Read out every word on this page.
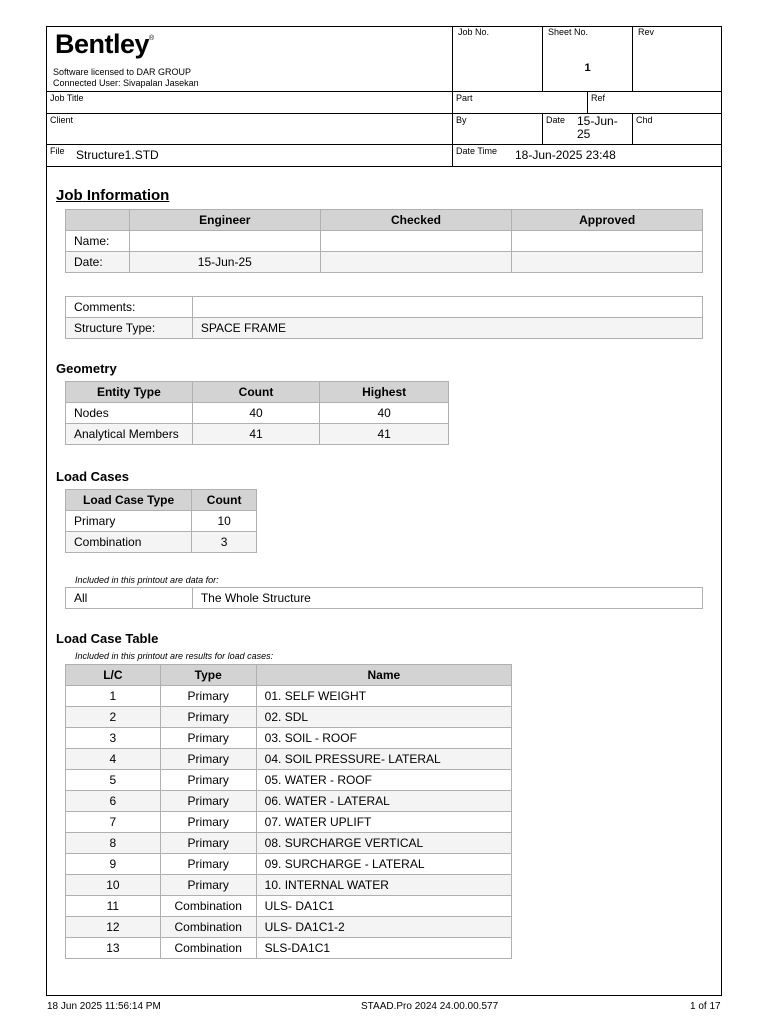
Bentley®
Software licensed to DAR GROUP
Connected User: Sivapalan Jasekan
Job No.	Sheet No.
1
Rev
Job Title	Part	Ref
Client	By	Date 15-Jun-
25
Chd
File Structure1.STD	Date Time 18-Jun-2025 23:48
Job Information
	Engineer	Checked	Approved
Name:			
Date:	15-Jun-25		
Comments:	
Structure Type:	SPACE FRAME
Geometry
Entity Type	Count	Highest
Nodes	40	40
Analytical Members	41	41
Load Cases
Load Case Type	Count
Primary	10
Combination	3
Included in this printout are data for:
All	The Whole Structure
Load Case Table
Included in this printout are results for load cases:
L/C	Type	Name
1	Primary	01. SELF WEIGHT
2	Primary	02. SDL
3	Primary	03. SOIL - ROOF
4	Primary	04. SOIL PRESSURE- LATERAL
5	Primary	05. WATER - ROOF
6	Primary	06. WATER - LATERAL
7	Primary	07. WATER UPLIFT
8	Primary	08. SURCHARGE VERTICAL
9	Primary	09. SURCHARGE - LATERAL
10	Primary	10. INTERNAL WATER
11	Combination	ULS- DA1C1
12	Combination	ULS- DA1C1-2
13	Combination	SLS-DA1C1
18 Jun 2025 11:56:14 PM	STAAD.Pro 2024 24.00.00.577	1 of 17
